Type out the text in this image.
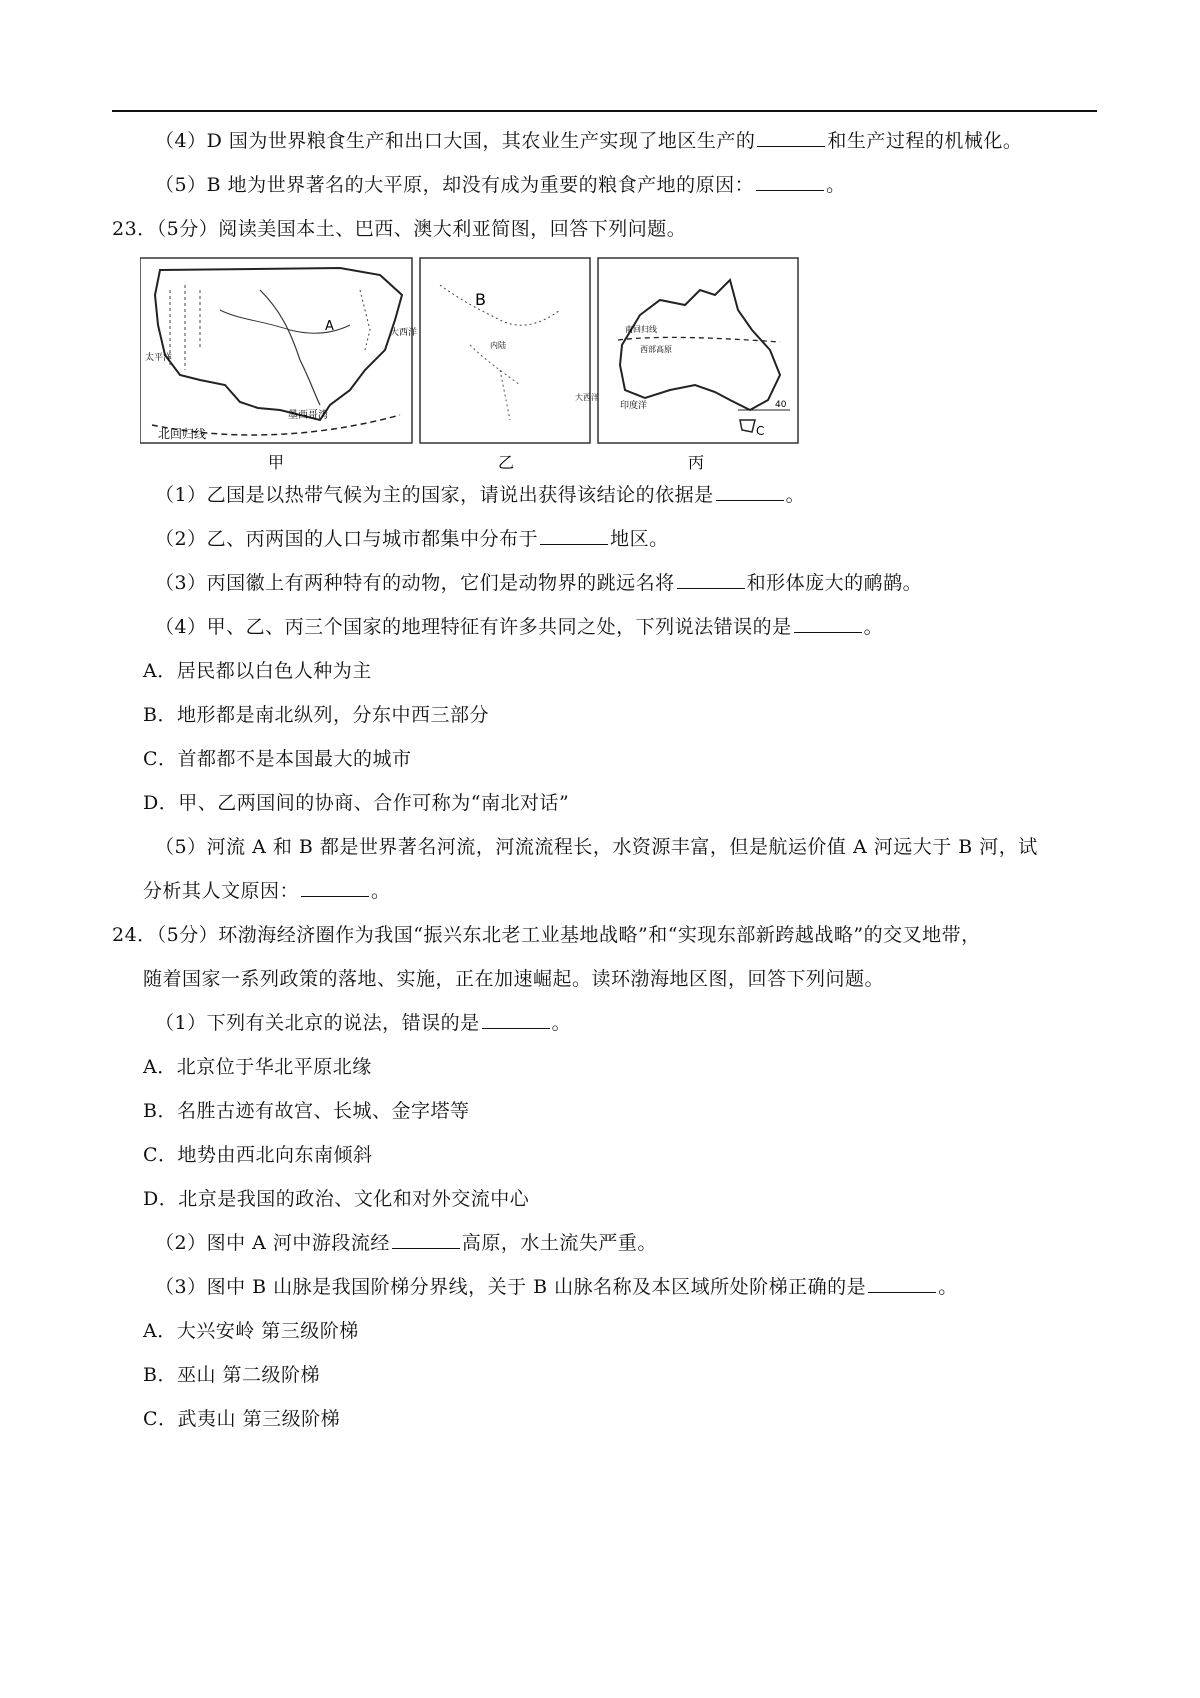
（4）D 国为世界粮食生产和出口大国，其农业生产实现了地区生产的	和生产过程的机械化。
（5）B 地为世界著名的大平原，却没有成为重要的粮食产地的原因：	。
23．（5分）阅读美国本土、巴西、澳大利亚简图，回答下列问题。
A
太平洋
大西洋
墨西哥湾
北回归线
B
内陆
大西洋
南回归线
西部高原
印度洋
C
40
甲	乙	丙
（1）乙国是以热带气候为主的国家，请说出获得该结论的依据是	。
（2）乙、丙两国的人口与城市都集中分布于	地区。
（3）丙国徽上有两种特有的动物，它们是动物界的跳远名将	和形体庞大的鸸鹋。
（4）甲、乙、丙三个国家的地理特征有许多共同之处，下列说法错误的是	。
A．居民都以白色人种为主
B．地形都是南北纵列，分东中西三部分
C．首都都不是本国最大的城市
D．甲、乙两国间的协商、合作可称为“南北对话”
（5）河流 A 和 B 都是世界著名河流，河流流程长，水资源丰富，但是航运价值 A 河远大于 B 河，试
分析其人文原因：	。
24．（5分）环渤海经济圈作为我国“振兴东北老工业基地战略”和“实现东部新跨越战略”的交叉地带，
随着国家一系列政策的落地、实施，正在加速崛起。读环渤海地区图，回答下列问题。
（1）下列有关北京的说法，错误的是	。
A．北京位于华北平原北缘
B．名胜古迹有故宫、长城、金字塔等
C．地势由西北向东南倾斜
D．北京是我国的政治、文化和对外交流中心
（2）图中 A 河中游段流经	高原，水土流失严重。
（3）图中 B 山脉是我国阶梯分界线，关于 B 山脉名称及本区域所处阶梯正确的是	。
A．大兴安岭 第三级阶梯
B．巫山 第二级阶梯
C．武夷山 第三级阶梯
